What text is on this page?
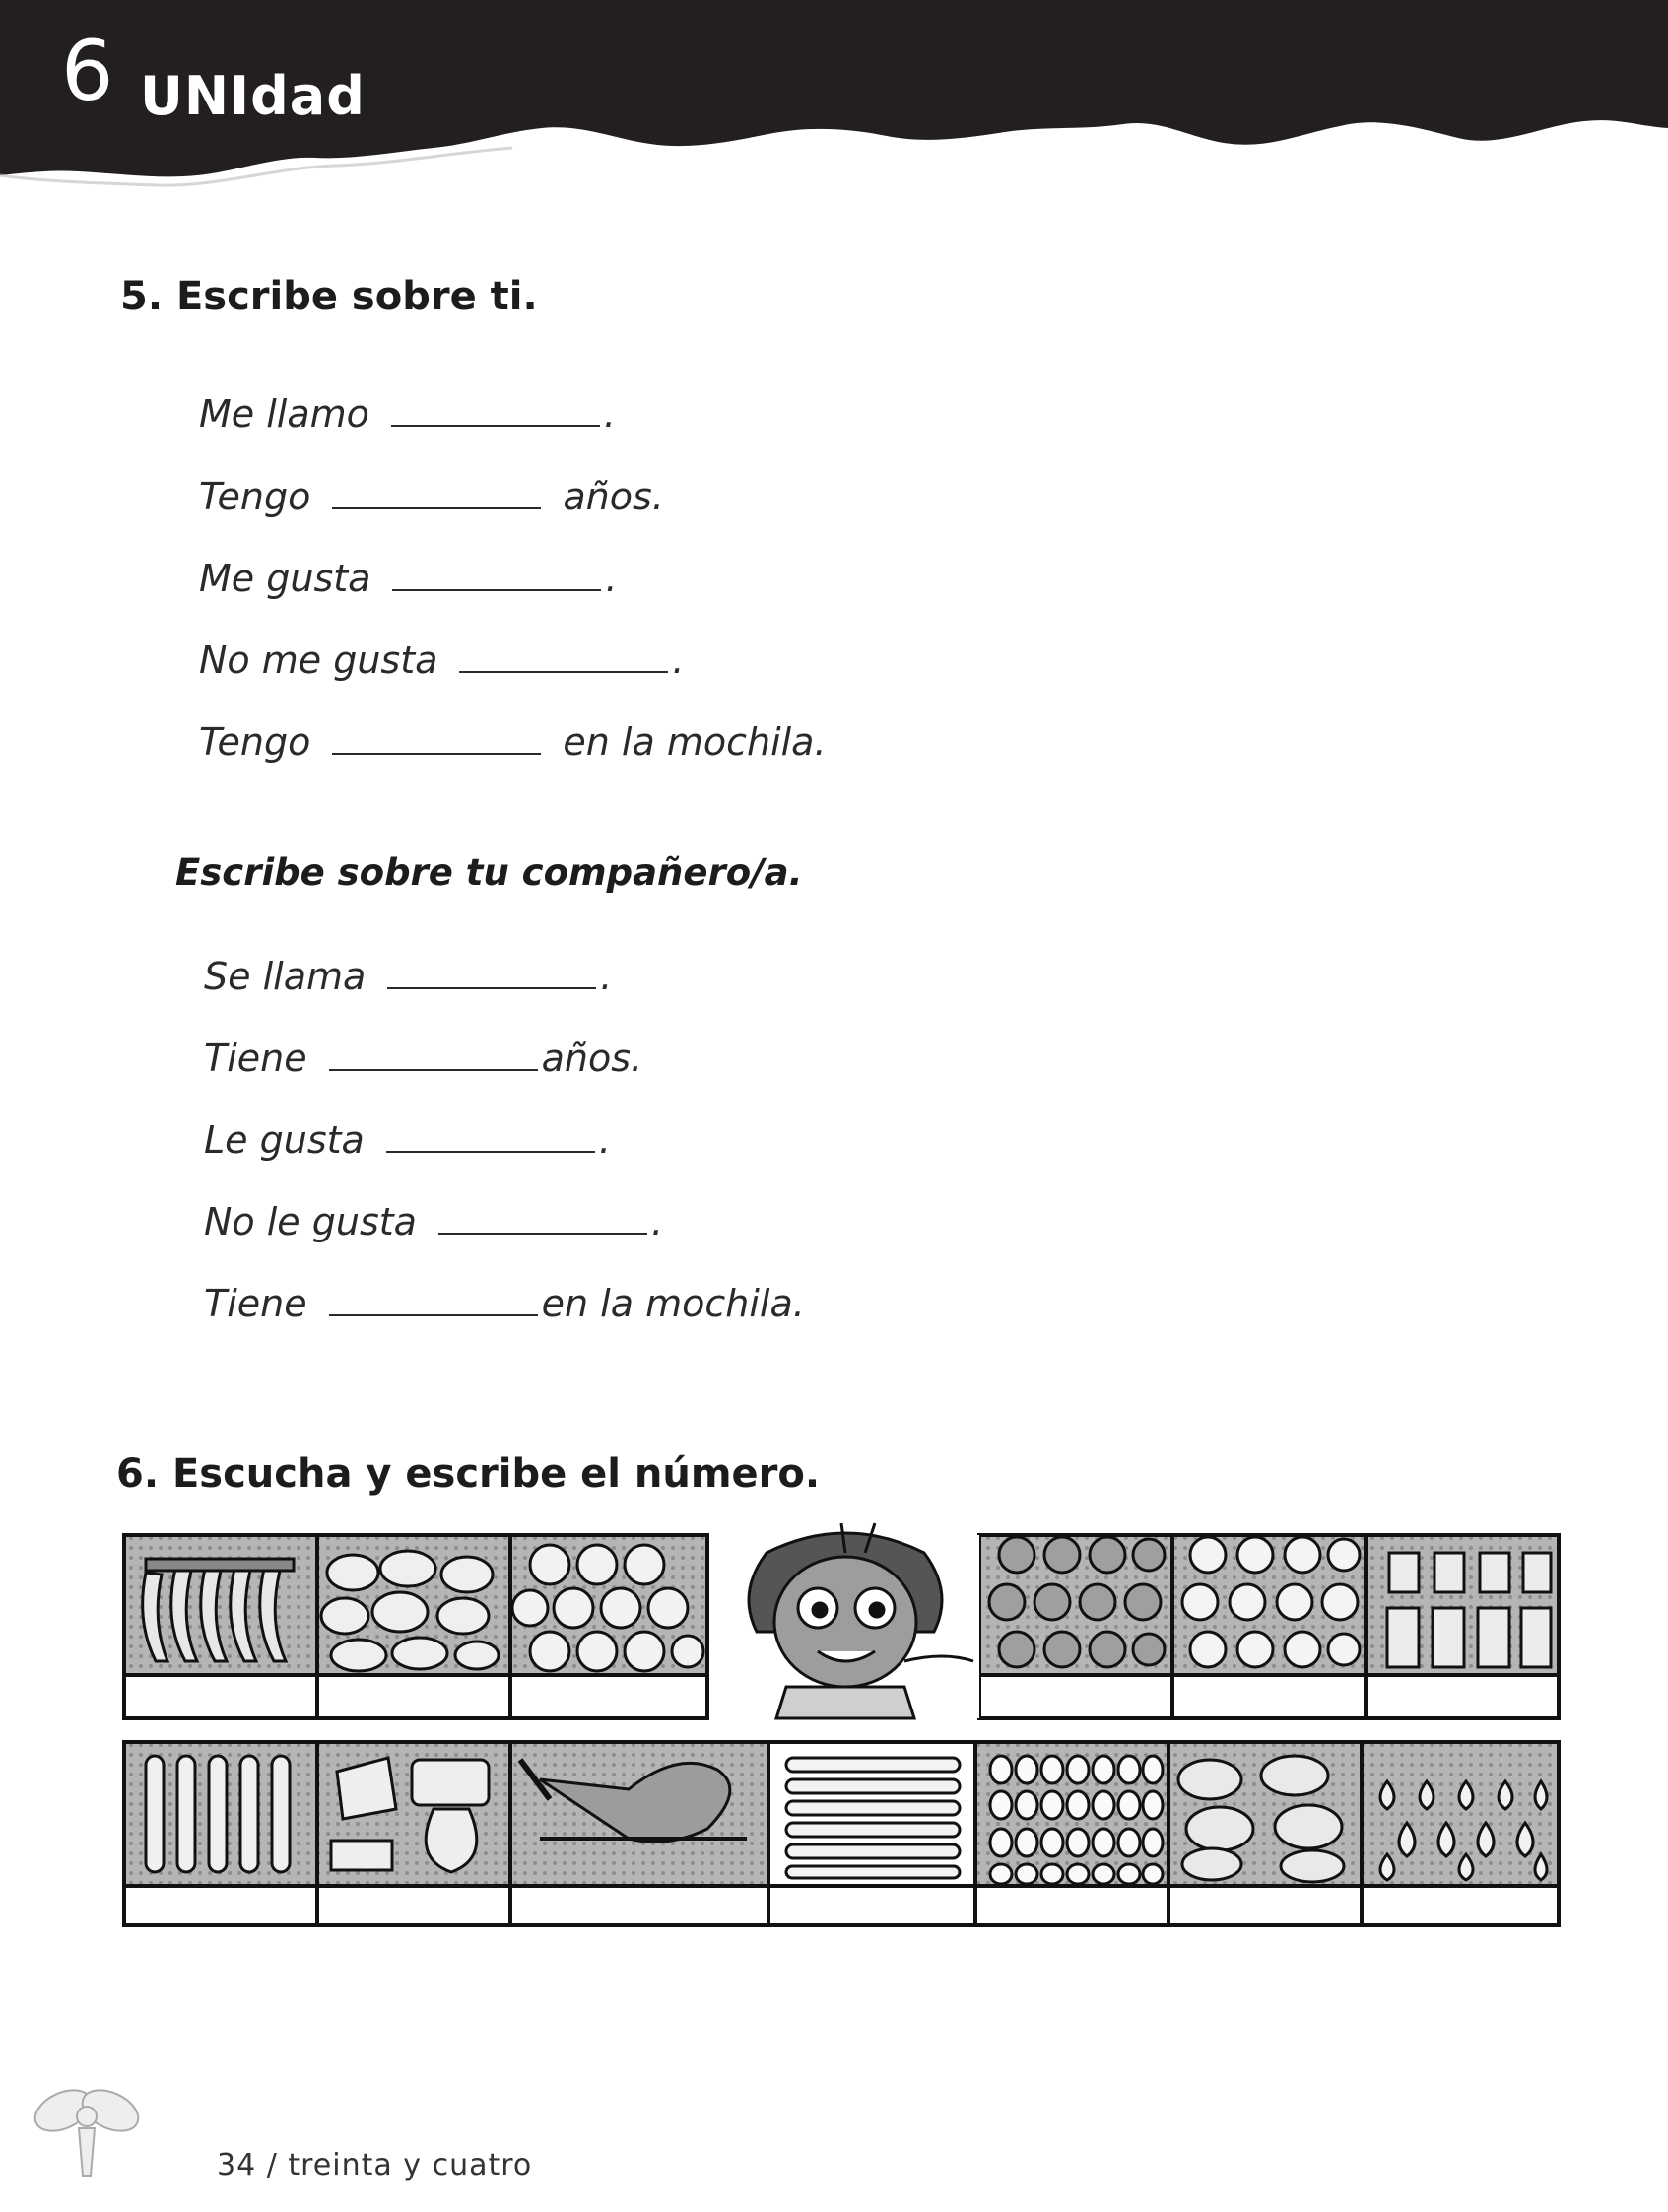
6 UNIdad
5. Escribe sobre ti.
Me llamo	.
Tengo	años.
Me gusta	.
No me gusta	.
Tengo	en la mochila.
Escribe sobre tu compañero/a.
Se llama	.
Tiene	años.
Le gusta	.
No le gusta	.
Tiene	en la mochila.
6. Escucha y escribe el número.
34 / treinta y cuatro
